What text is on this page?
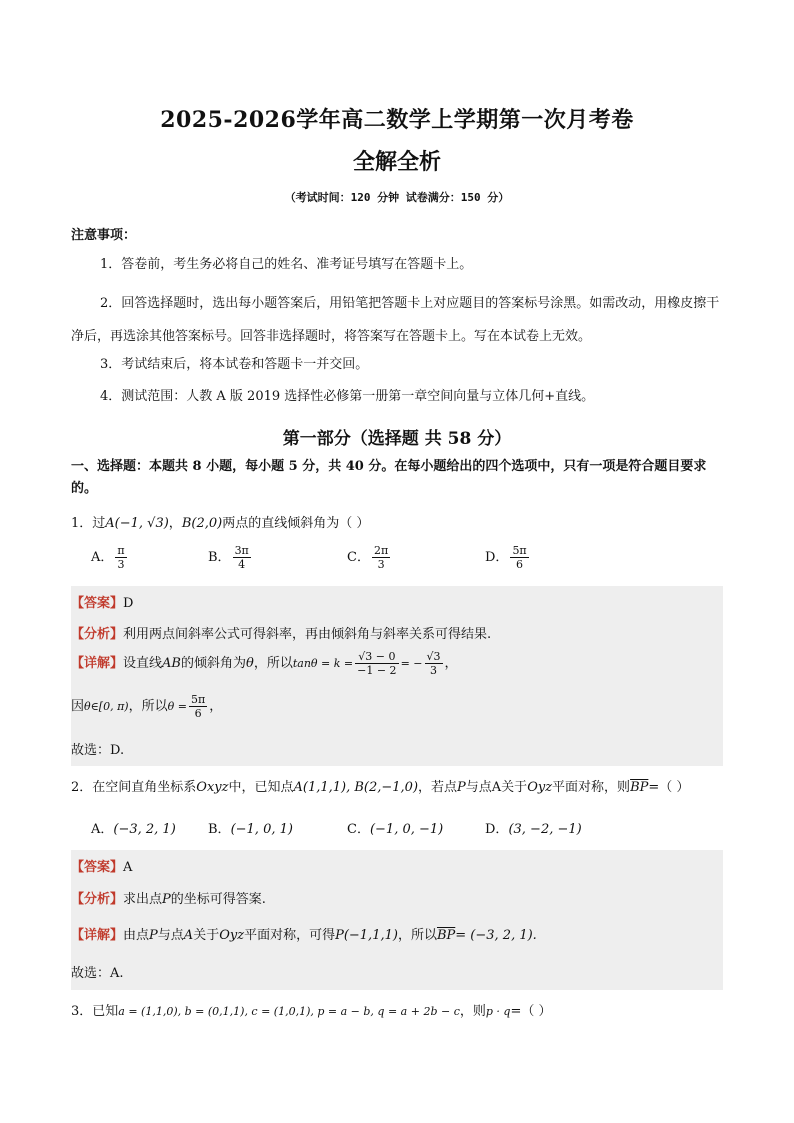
2025-2026学年高二数学上学期第一次月考卷
全解全析
（考试时间：120 分钟 试卷满分：150 分）
注意事项：
1．答卷前，考生务必将自己的姓名、准考证号填写在答题卡上。
2．回答选择题时，选出每小题答案后，用铅笔把答题卡上对应题目的答案标号涂黑。如需改动，用橡皮擦干净后，再选涂其他答案标号。回答非选择题时，将答案写在答题卡上。写在本试卷上无效。
3．考试结束后，将本试卷和答题卡一并交回。
4．测试范围：人教 A 版 2019 选择性必修第一册第一章空间向量与立体几何+直线。
第一部分（选择题 共 58 分）
一、选择题：本题共 8 小题，每小题 5 分，共 40 分。在每小题给出的四个选项中，只有一项是符合题目要求的。
1．过A(−1, √3)，B(2,0)两点的直线倾斜角为（ ）
A． $\frac{\pi}{3}$	B． $\frac{3\pi}{4}$	C． $\frac{2\pi}{3}$	D． $\frac{5\pi}{6}$
【答案】D
【分析】利用两点间斜率公式可得斜率，再由倾斜角与斜率关系可得结果.
【详解】设直线AB的倾斜角为θ，所以$\tan\theta = k = \frac{√3 - 0}{-1 - 2}$ = − $\frac{√3}{3}$ ，
因θ∈[0, π)，所以$\theta = \frac{5\pi}{6}$ ，
故选：D.
2．在空间直角坐标系Oxyz中，已知点A(1,1,1), B(2,−1,0)，若点P与点A关于Oyz平面对称，则$\overline{BP}=$（ ）
A．(−3, 2, 1) B．(−1, 0, 1)	C．(−1, 0, −1)	D．(3, −2, −1)
【答案】A
【分析】求出点P的坐标可得答案.
【详解】由点P与点A关于Oyz平面对称，可得P(−1,1,1)，所以$\overline{BP}= (-3$, 2, 1).
故选：A.
3．已知a = (1,1,0), b = (0,1,1), c = (1,0,1), p = a − b, q = a + 2b − c，则p · q=（ ）
